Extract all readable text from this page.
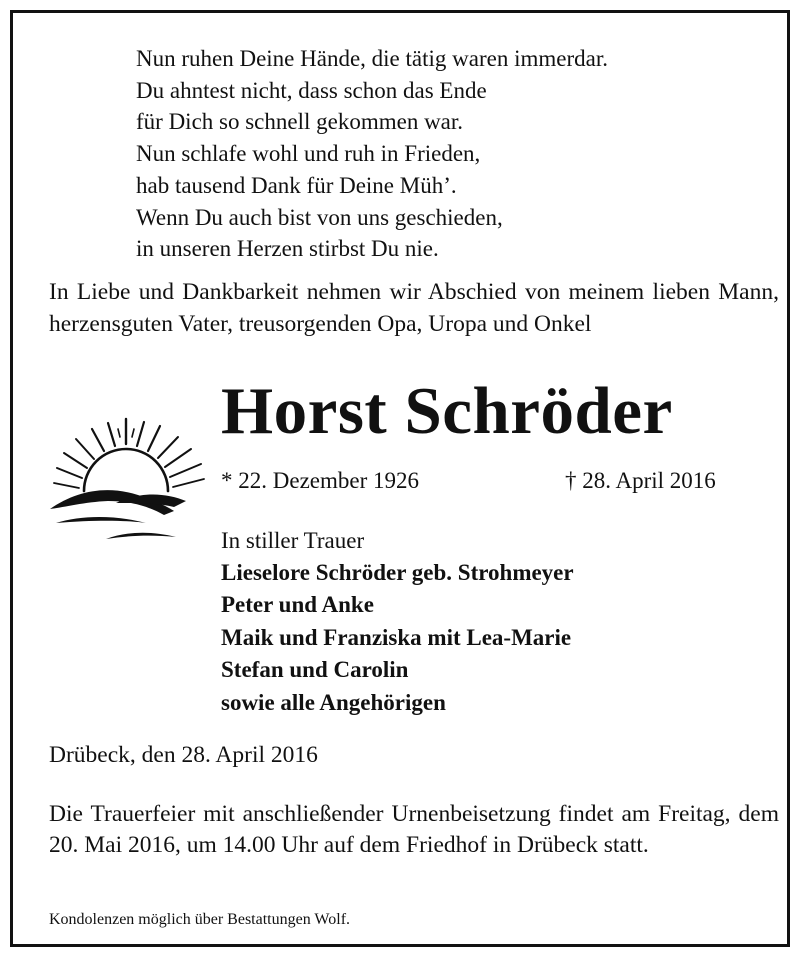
Nun ruhen Deine Hände, die tätig waren immerdar.
Du ahntest nicht, dass schon das Ende
für Dich so schnell gekommen war.
Nun schlafe wohl und ruh in Frieden,
hab tausend Dank für Deine Müh’.
Wenn Du auch bist von uns geschieden,
in unseren Herzen stirbst Du nie.
In Liebe und Dankbarkeit nehmen wir Abschied von meinem lieben Mann, herzensguten Vater, treusorgenden Opa, Uropa und Onkel
Horst Schröder
* 22. Dezember 1926	† 28. April 2016
In stiller Trauer
Lieselore Schröder geb. Strohmeyer
Peter und Anke
Maik und Franziska mit Lea-Marie
Stefan und Carolin
sowie alle Angehörigen
Drübeck, den 28. April 2016
Die Trauerfeier mit anschließender Urnenbeisetzung findet am Freitag, dem 20. Mai 2016, um 14.00 Uhr auf dem Friedhof in Drübeck statt.
Kondolenzen möglich über Bestattungen Wolf.
